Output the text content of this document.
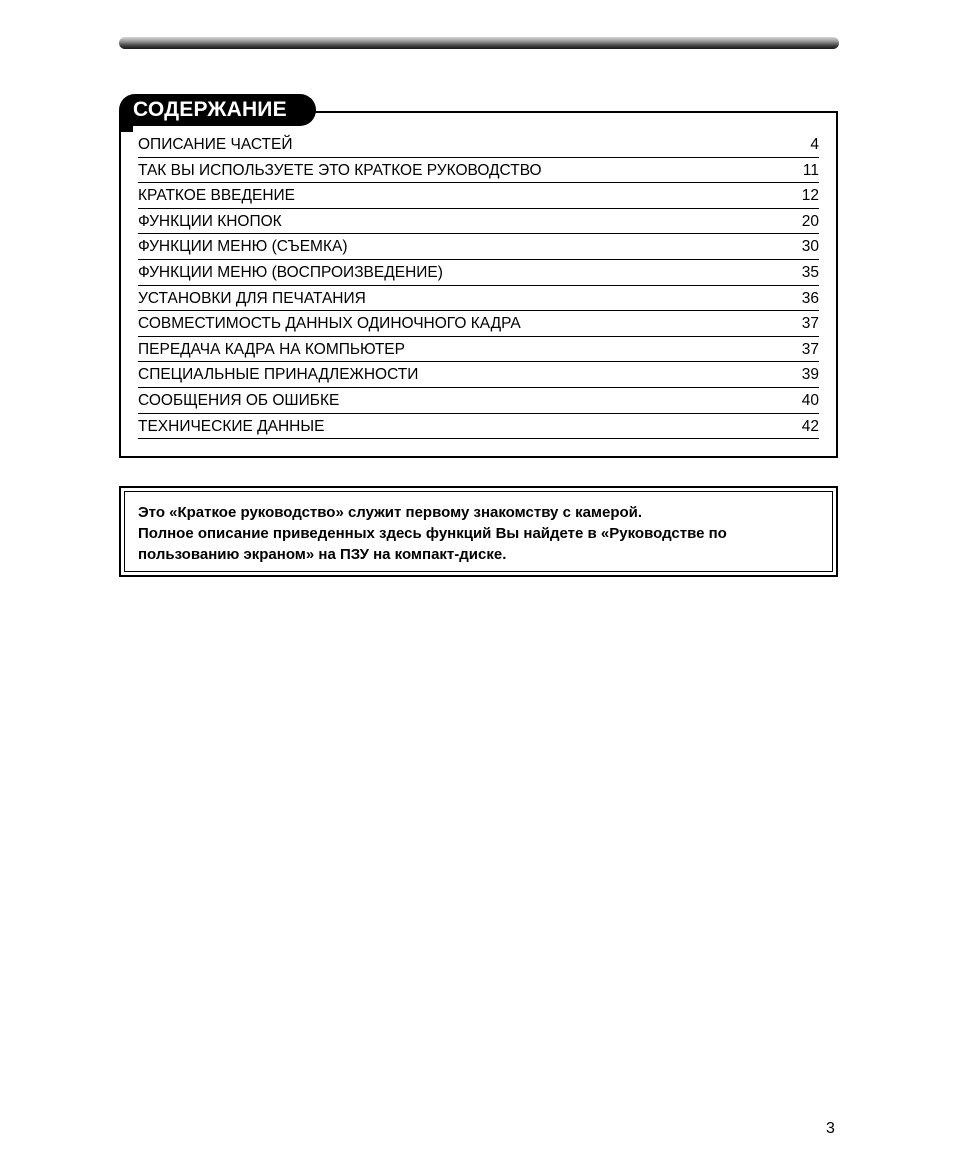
СОДЕРЖАНИЕ
ОПИСАНИЕ ЧАСТЕЙ	4
ТАК ВЫ ИСПОЛЬЗУЕТЕ ЭТО КРАТКОЕ РУКОВОДСТВО	11
КРАТКОЕ ВВЕДЕНИЕ	12
ФУНКЦИИ КНОПОК	20
ФУНКЦИИ МЕНЮ (СЪЕМКА)	30
ФУНКЦИИ МЕНЮ (ВОСПРОИЗВЕДЕНИЕ)	35
УСТАНОВКИ ДЛЯ ПЕЧАТАНИЯ	36
СОВМЕСТИМОСТЬ ДАННЫХ ОДИНОЧНОГО КАДРА	37
ПЕРЕДАЧА КАДРА НА КОМПЬЮТЕР	37
СПЕЦИАЛЬНЫЕ ПРИНАДЛЕЖНОСТИ	39
СООБЩЕНИЯ ОБ ОШИБКЕ	40
ТЕХНИЧЕСКИЕ ДАННЫЕ	42
Это «Краткое руководство» служит первому знакомству с камерой.
Полное описание приведенных здесь функций Вы найдете в «Руководстве по пользованию экраном» на ПЗУ на компакт-диске.
3
